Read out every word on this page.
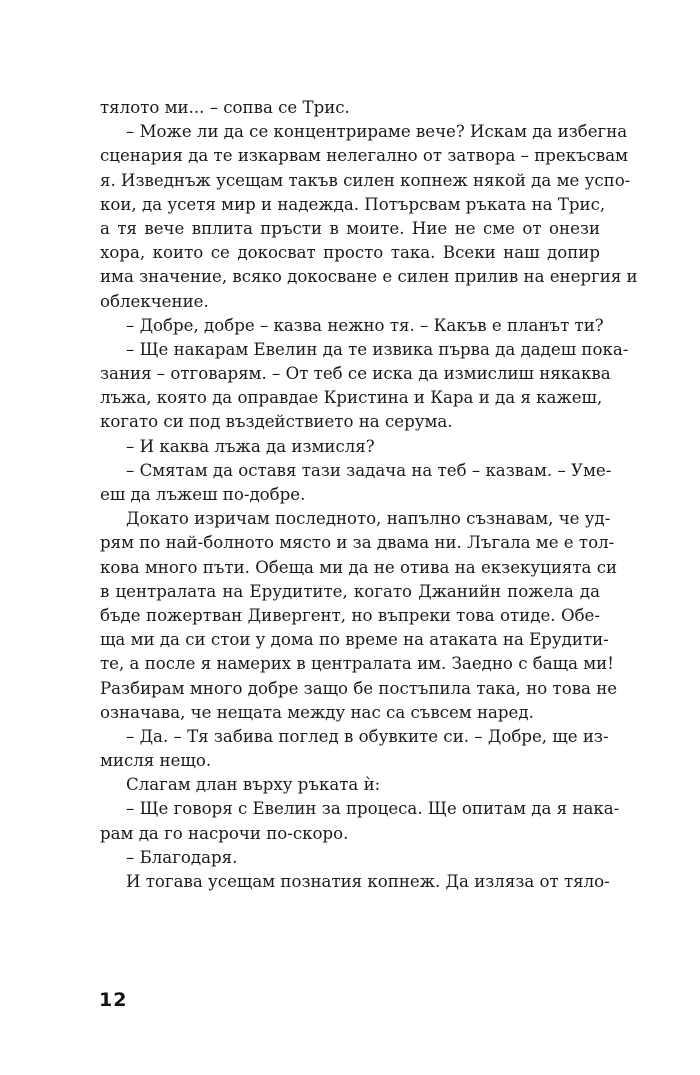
тялото ми... – сопва се Трис.
– Може ли да се концентрираме вече? Искам да избегна
сценария да те изкарвам нелегално от затвора – прекъсвам
я. Изведнъж усещам такъв силен копнеж някой да ме успо-
кои, да усетя мир и надежда. Потърсвам ръката на Трис,
а тя вече вплита пръсти в моите. Ние не сме от онези
хора, които се докосват просто така. Всеки наш допир
има значение, всяко докосване е силен прилив на енергия и
облекчение.
– Добре, добре – казва нежно тя. – Какъв е планът ти?
– Ще накарам Евелин да те извика първа да дадеш пока-
зания – отговарям. – От теб се иска да измислиш някаква
лъжа, която да оправдае Кристина и Кара и да я кажеш,
когато си под въздействието на серума.
– И каква лъжа да измисля?
– Смятам да оставя тази задача на теб – казвам. – Уме-
еш да лъжеш по-добре.
Докато изричам последното, напълно съзнавам, че уд-
рям по най-болното място и за двама ни. Лъгала ме е тол-
кова много пъти. Обеща ми да не отива на екзекуцията си
в централата на Ерудитите, когато Джанийн пожела да
бъде пожертван Дивергент, но въпреки това отиде. Обе-
ща ми да си стои у дома по време на атаката на Ерудити-
те, а после я намерих в централата им. Заедно с баща ми!
Разбирам много добре защо бе постъпила така, но това не
означава, че нещата между нас са съвсем наред.
– Да. – Тя забива поглед в обувките си. – Добре, ще из-
мисля нещо.
Слагам длан върху ръката ѝ:
– Ще говоря с Евелин за процеса. Ще опитам да я нака-
рам да го насрочи по-скоро.
– Благодаря.
И тогава усещам познатия копнеж. Да изляза от тяло-
12
